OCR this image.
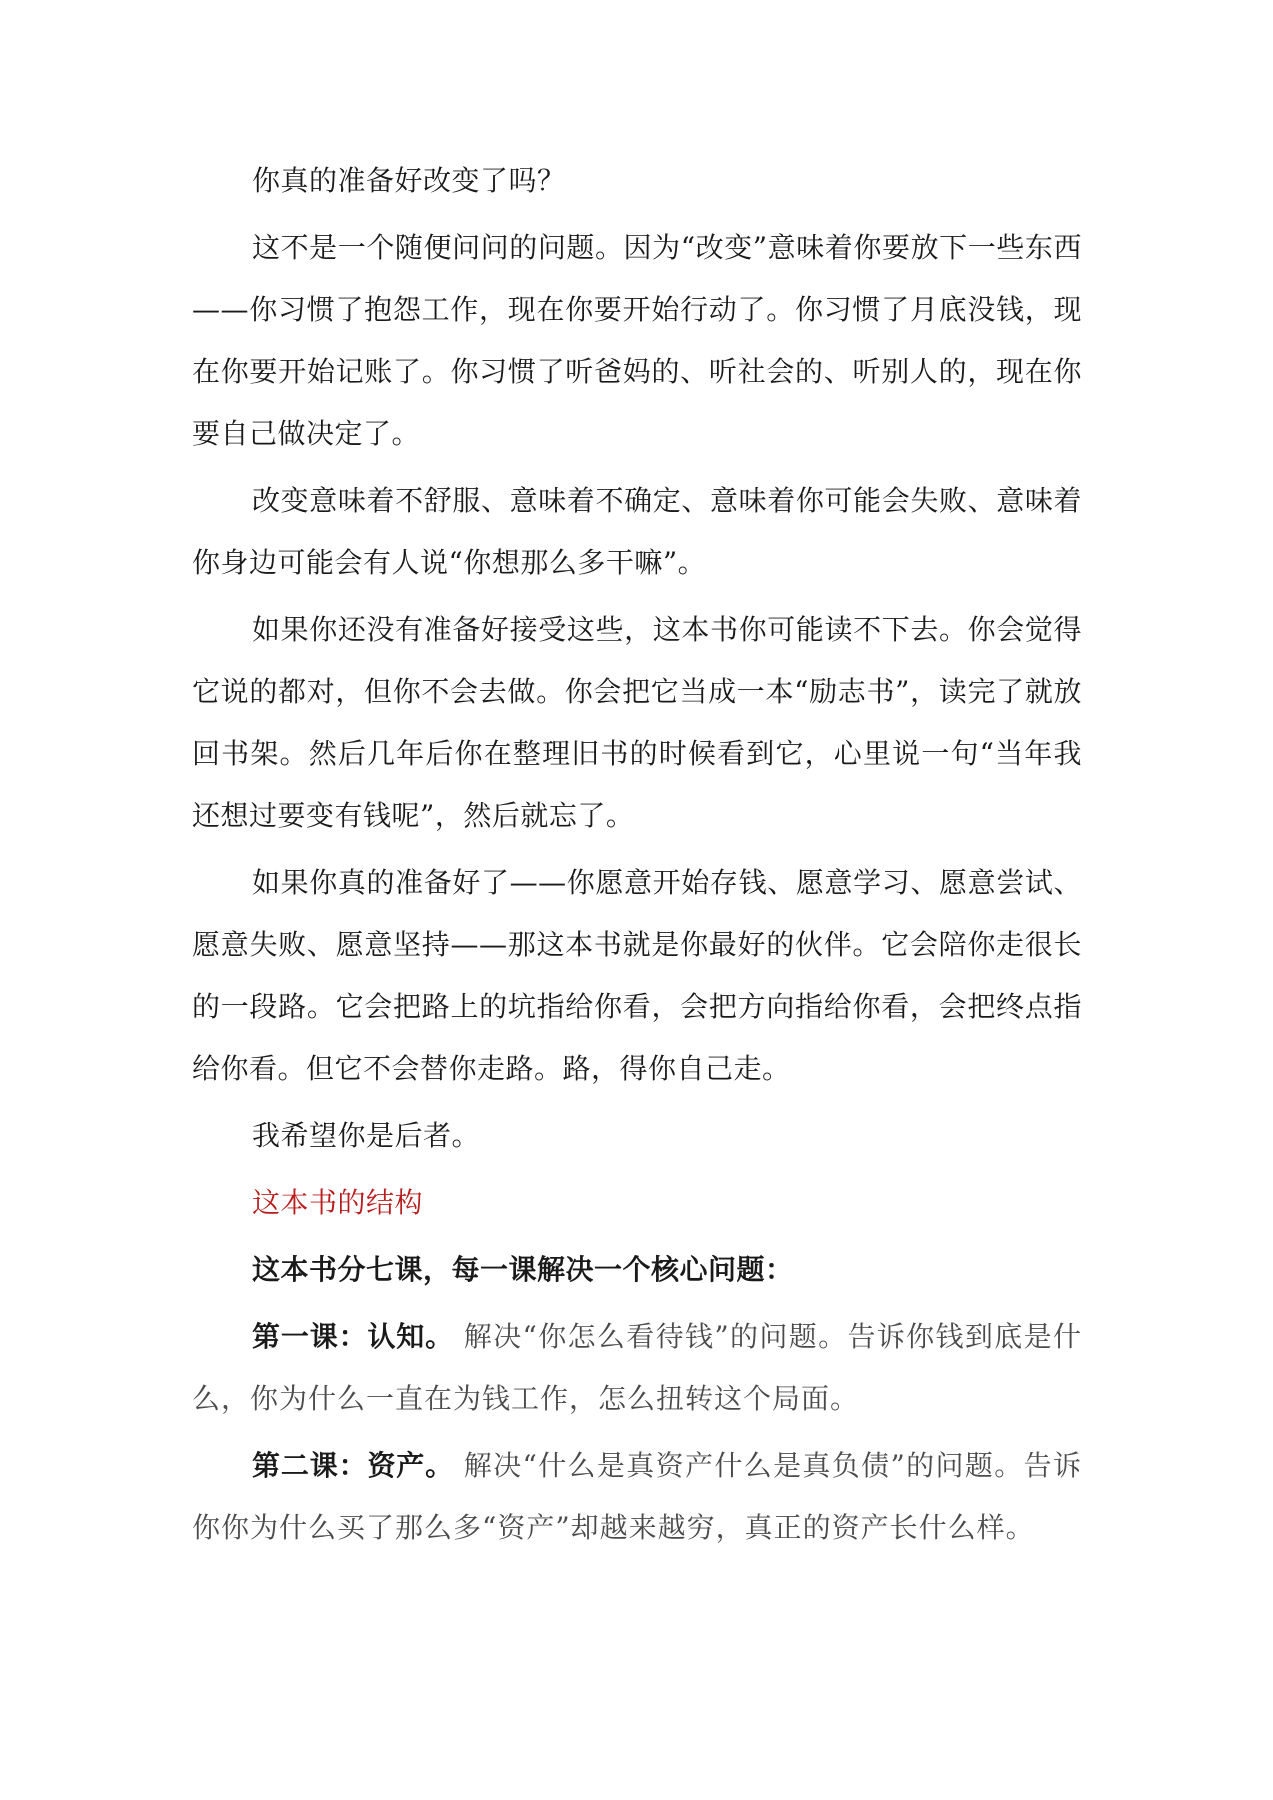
你真的准备好改变了吗？

这不是一个随便问问的问题。因为“改变”意味着你要放下一些东西——你习惯了抱怨工作，现在你要开始行动了。你习惯了月底没钱，现在你要开始记账了。你习惯了听爸妈的、听社会的、听别人的，现在你要自己做决定了。

改变意味着不舒服、意味着不确定、意味着你可能会失败、意味着你身边可能会有人说“你想那么多干嘛”。

如果你还没有准备好接受这些，这本书你可能读不下去。你会觉得它说的都对，但你不会去做。你会把它当成一本“励志书”，读完了就放回书架。然后几年后你在整理旧书的时候看到它，心里说一句“当年我还想过要变有钱呢”，然后就忘了。

如果你真的准备好了——你愿意开始存钱、愿意学习、愿意尝试、愿意失败、愿意坚持——那这本书就是你最好的伙伴。它会陪你走很长的一段路。它会把路上的坑指给你看，会把方向指给你看，会把终点指给你看。但它不会替你走路。路，得你自己走。

我希望你是后者。

这本书的结构

这本书分七课，每一课解决一个核心问题：

第一课：认知。 解决“你怎么看待钱”的问题。告诉你钱到底是什么，你为什么一直在为钱工作，怎么扭转这个局面。

第二课：资产。 解决“什么是真资产什么是真负债”的问题。告诉你你为什么买了那么多“资产”却越来越穷，真正的资产长什么样。
